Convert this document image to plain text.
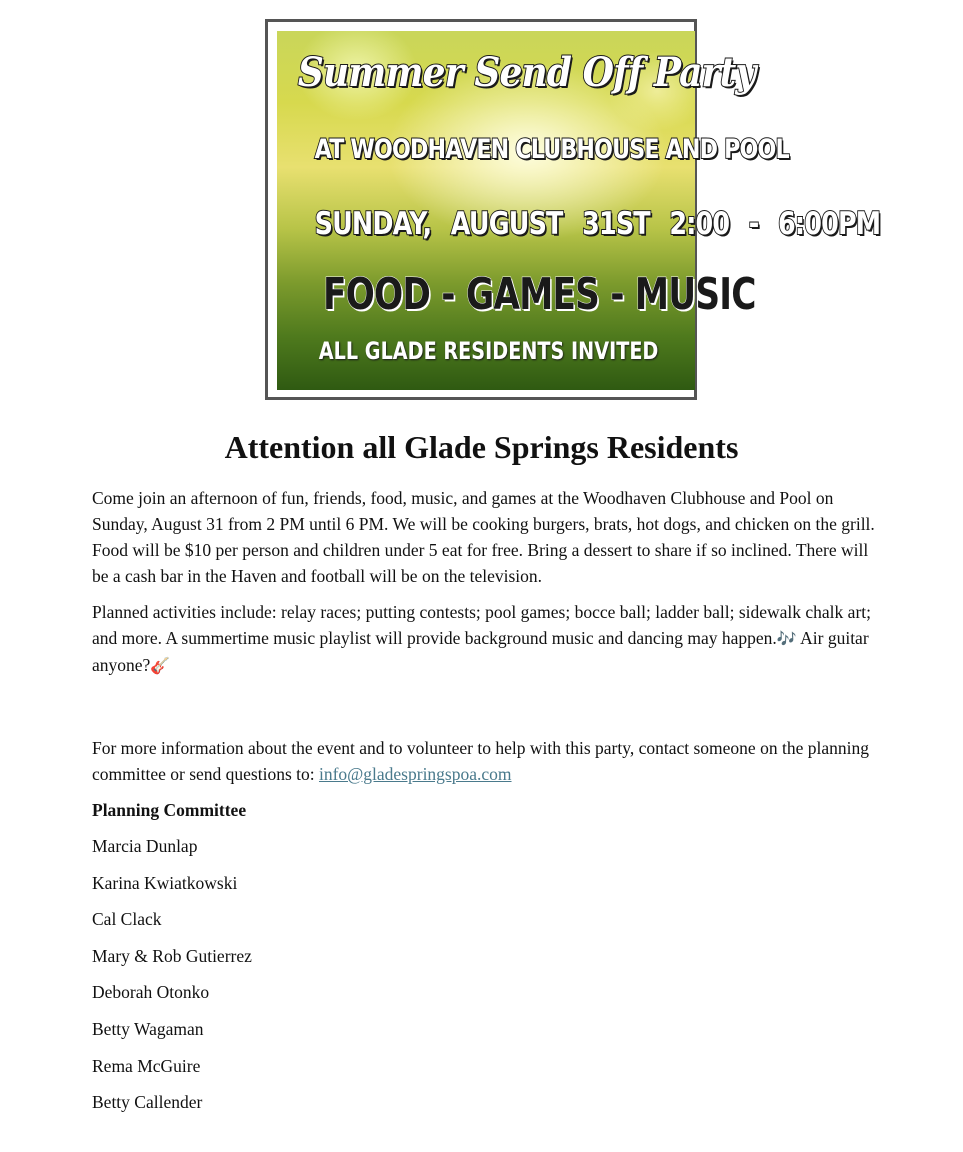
Summer Send Off Party
AT WOODHAVEN CLUBHOUSE AND POOL
SUNDAY, AUGUST 31ST 2:00 - 6:00PM
FOOD - GAMES - MUSIC
ALL GLADE RESIDENTS INVITED
Attention all Glade Springs Residents

Come join an afternoon of fun, friends, food, music, and games at the Woodhaven Clubhouse and Pool on Sunday, August 31 from 2 PM until 6 PM. We will be cooking burgers, brats, hot dogs, and chicken on the grill. Food will be $10 per person and children under 5 eat for free. Bring a dessert to share if so inclined. There will be a cash bar in the Haven and football will be on the television.

Planned activities include: relay races; putting contests; pool games; bocce ball; ladder ball; sidewalk chalk art; and more. A summertime music playlist will provide background music and dancing may happen.🎶 Air guitar anyone?🎸

For more information about the event and to volunteer to help with this party, contact someone on the planning committee or send questions to: info@gladespringspoa.com

Planning Committee

Marcia Dunlap

Karina Kwiatkowski

Cal Clack

Mary & Rob Gutierrez

Deborah Otonko

Betty Wagaman

Rema McGuire

Betty Callender
